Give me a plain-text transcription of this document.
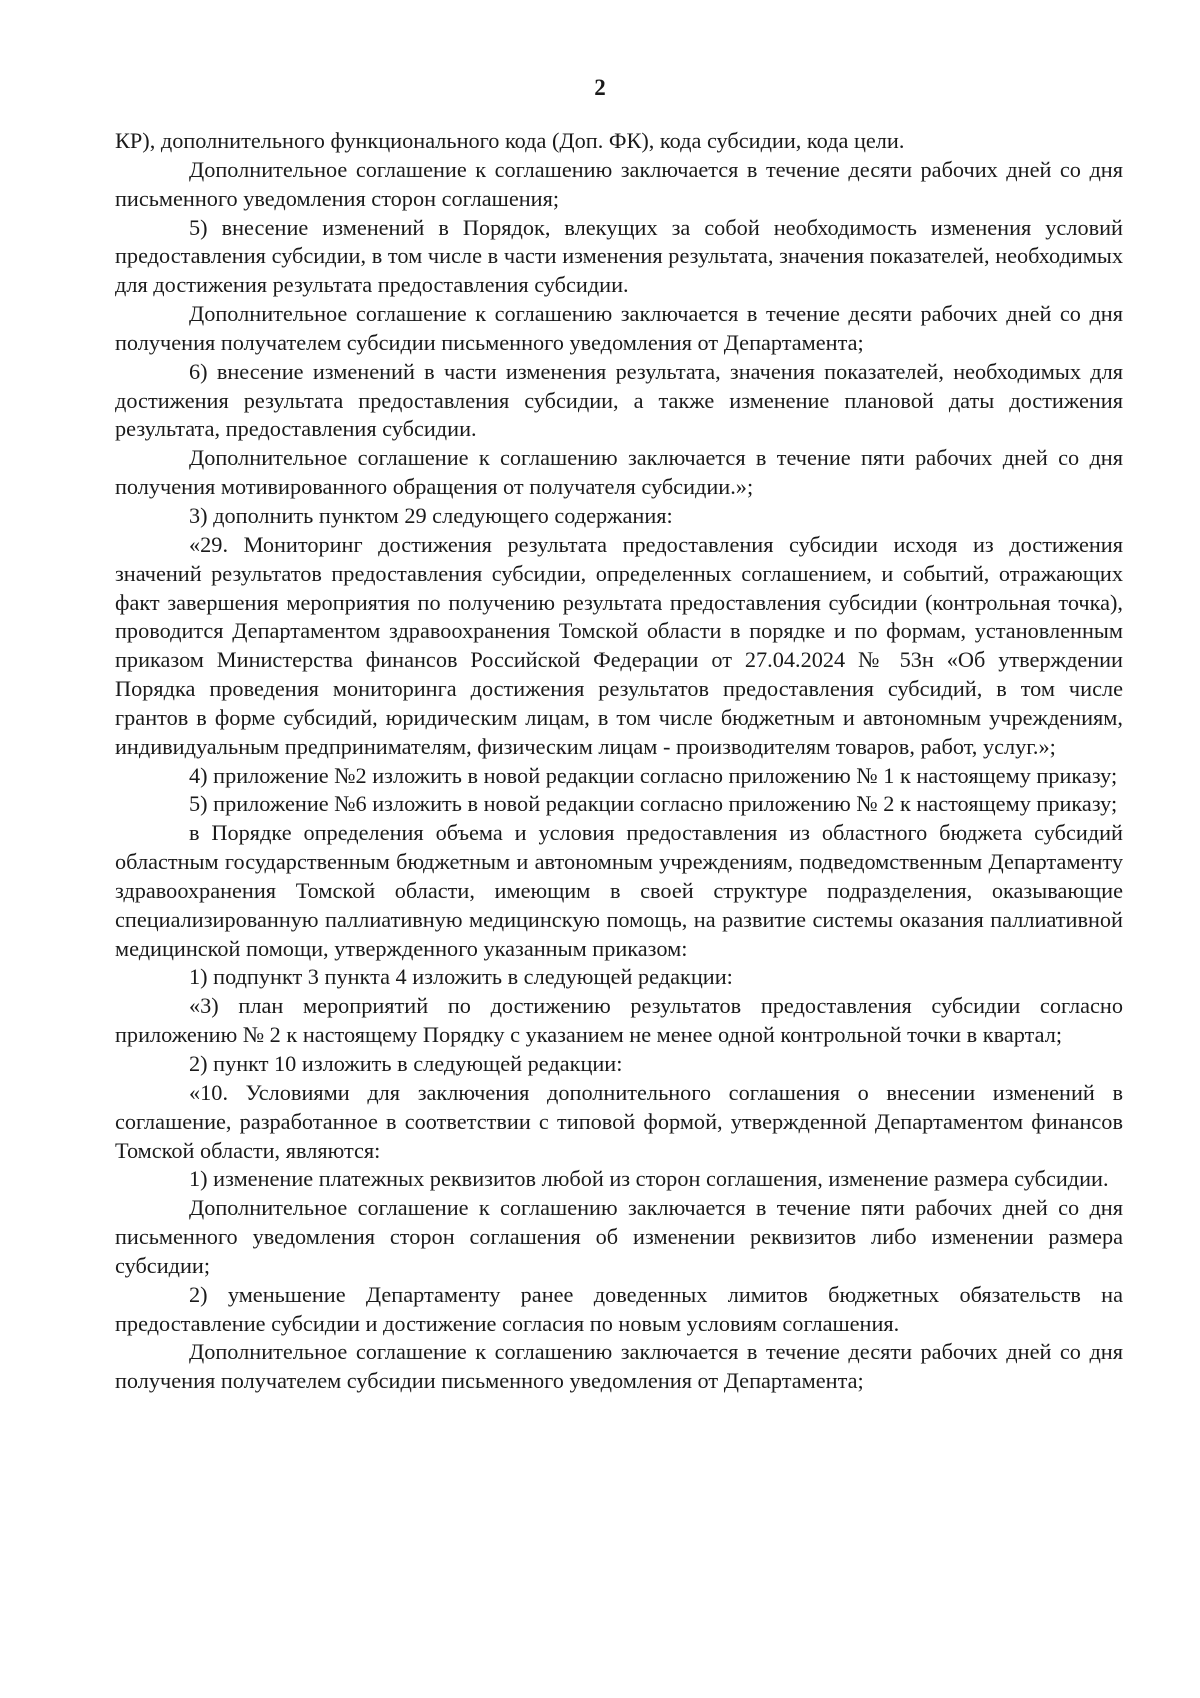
2

КР), дополнительного функционального кода (Доп. ФК), кода субсидии, кода цели.

Дополнительное соглашение к соглашению заключается в течение десяти рабочих дней со дня письменного уведомления сторон соглашения;

5) внесение изменений в Порядок, влекущих за собой необходимость изменения условий предоставления субсидии, в том числе в части изменения результата, значения показателей, необходимых для достижения результата предоставления субсидии.

Дополнительное соглашение к соглашению заключается в течение десяти рабочих дней со дня получения получателем субсидии письменного уведомления от Департамента;

6) внесение изменений в части изменения результата, значения показателей, необходимых для достижения результата предоставления субсидии, а также изменение плановой даты достижения результата, предоставления субсидии.

Дополнительное соглашение к соглашению заключается в течение пяти рабочих дней со дня получения мотивированного обращения от получателя субсидии.»;

3) дополнить пунктом 29 следующего содержания:

«29. Мониторинг достижения результата предоставления субсидии исходя из достижения значений результатов предоставления субсидии, определенных соглашением, и событий, отражающих факт завершения мероприятия по получению результата предоставления субсидии (контрольная точка), проводится Департаментом здравоохранения Томской области в порядке и по формам, установленным приказом Министерства финансов Российской Федерации от 27.04.2024 № 53н «Об утверждении Порядка проведения мониторинга достижения результатов предоставления субсидий, в том числе грантов в форме субсидий, юридическим лицам, в том числе бюджетным и автономным учреждениям, индивидуальным предпринимателям, физическим лицам - производителям товаров, работ, услуг.»;

4) приложение №2 изложить в новой редакции согласно приложению № 1 к настоящему приказу;

5) приложение №6 изложить в новой редакции согласно приложению № 2 к настоящему приказу;

в Порядке определения объема и условия предоставления из областного бюджета субсидий областным государственным бюджетным и автономным учреждениям, подведомственным Департаменту здравоохранения Томской области, имеющим в своей структуре подразделения, оказывающие специализированную паллиативную медицинскую помощь, на развитие системы оказания паллиативной медицинской помощи, утвержденного указанным приказом:

1) подпункт 3 пункта 4 изложить в следующей редакции:

«3) план мероприятий по достижению результатов предоставления субсидии согласно приложению № 2 к настоящему Порядку с указанием не менее одной контрольной точки в квартал;

2) пункт 10 изложить в следующей редакции:

«10. Условиями для заключения дополнительного соглашения о внесении изменений в соглашение, разработанное в соответствии с типовой формой, утвержденной Департаментом финансов Томской области, являются:

1) изменение платежных реквизитов любой из сторон соглашения, изменение размера субсидии.

Дополнительное соглашение к соглашению заключается в течение пяти рабочих дней со дня письменного уведомления сторон соглашения об изменении реквизитов либо изменении размера субсидии;

2) уменьшение Департаменту ранее доведенных лимитов бюджетных обязательств на предоставление субсидии и достижение согласия по новым условиям соглашения.

Дополнительное соглашение к соглашению заключается в течение десяти рабочих дней со дня получения получателем субсидии письменного уведомления от Департамента;
